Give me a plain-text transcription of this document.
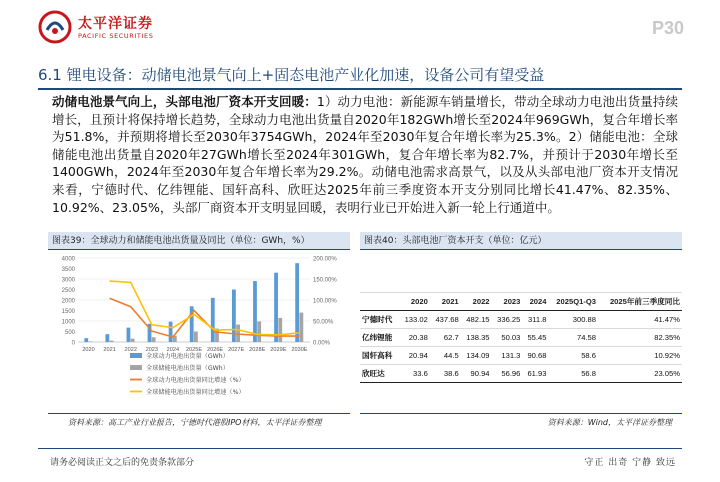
太平洋证券
PACIFIC SECURITIES	P30
6.1 锂电设备：动储电池景气向上+固态电池产业化加速，设备公司有望受益
动储电池景气向上，头部电池厂资本开支回暖：1）动力电池：新能源车销量增长，带动全球动力电池出货量持续增长，且预计将保持增长趋势，全球动力电池出货量自2020年182GWh增长至2024年969GWh，复合年增长率为51.8%，并预期将增长至2030年3754GWh，2024年至2030年复合年增长率为25.3%。2）储能电池：全球储能电池出货量自2020年27GWh增长至2024年301GWh，复合年增长率为82.7%，并预计于2030年增长至1400GWh，2024年至2030年复合年增长率为29.2%。动储电池需求高景气，以及从头部电池厂资本开支情况来看，宁德时代、亿纬锂能、国轩高科、欣旺达2025年前三季度资本开支分别同比增长41.47%、82.35%、10.92%、23.05%，头部厂商资本开支明显回暖，表明行业已开始进入新一轮上行通道中。
图表39：全球动力和储能电池出货量及同比（单位：GWh，%）
0.00%
50.00%
100.00%
150.00%
200.00%
0
500
1000
1500
2000
2500
3000
3500
4000
2020 2021 2022 2023 2024 2025E 2026E 2027E 2028E 2029E 2030E
全球动力电池出货量（GWh）
全球储能电池出货量（GWh）
全球动力电池出货量同比增速（%）
全球储能电池出货量同比增速（%）
资料来源：高工产业行业报告，宁德时代港股IPO材料，太平洋证券整理
图表40：头部电池厂资本开支（单位：亿元）
	2020	2021	2022	2023	2024	2025Q1-Q3	2025年前三季度同比
宁德时代	133.02	437.68	482.15	336.25	311.8	300.88	41.47%
亿纬锂能	20.38	62.7	138.35	50.03	55.45	74.58	82.35%
国轩高科	20.94	44.5	134.09	131.3	90.68	58.6	10.92%
欣旺达	33.6	38.6	90.94	56.96	61.93	56.8	23.05%
资料来源：Wind，太平洋证券整理
请务必阅读正文之后的免责条款部分	守正 出奇 宁静 致远
